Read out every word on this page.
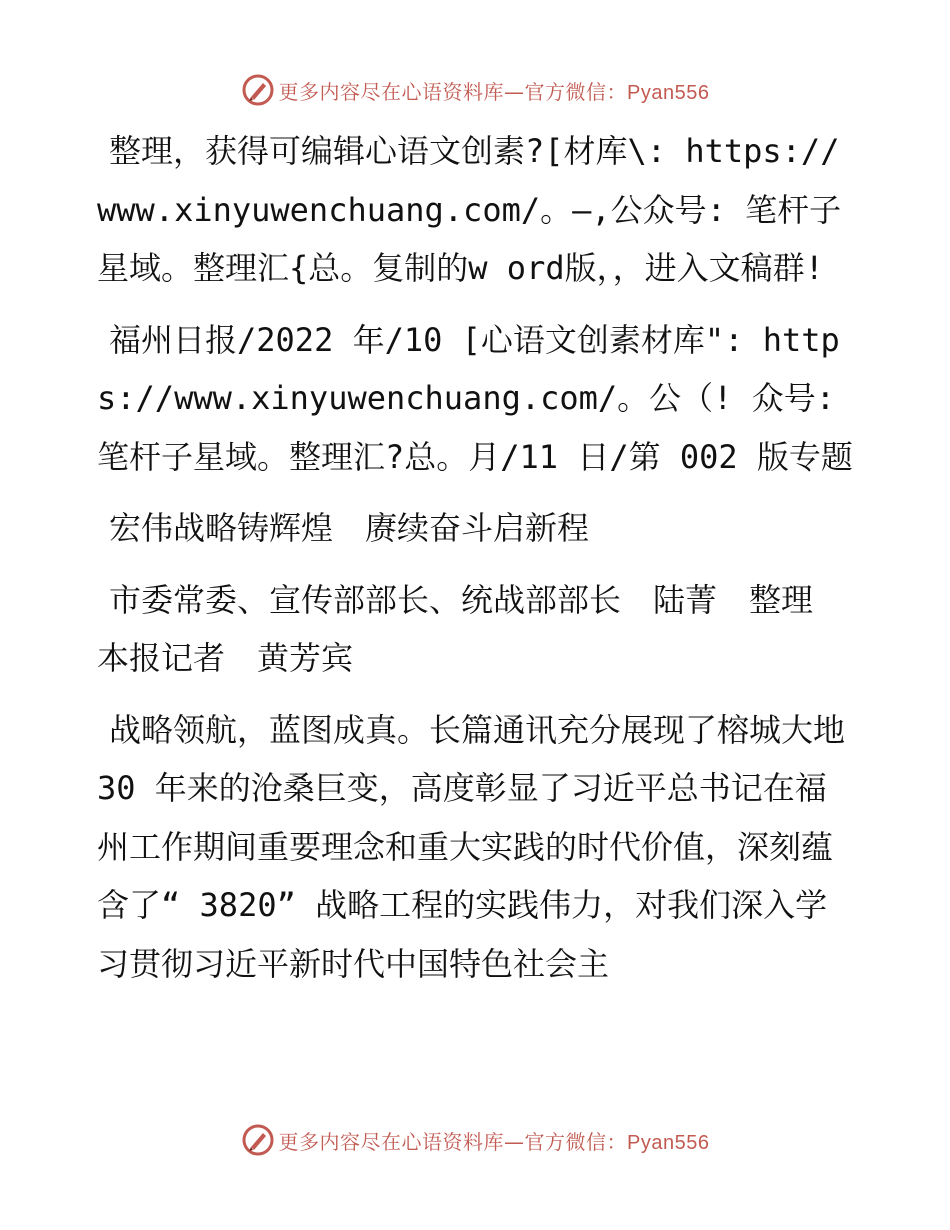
更多内容尽在心语资料库—官方微信：Pyan556

整理，获得可编辑心语文创素?[材库\: https://www.xinyuwenchuang.com/。—,公众号: 笔杆子星域。整理汇{总。复制的w ord版，，进入文稿群!

福州日报/2022 年/10 [心语文创素材库": https://www.xinyuwenchuang.com/。公（! 众号: 笔杆子星域。整理汇?总。月/11 日/第 002 版专题

宏伟战略铸辉煌　赓续奋斗启新程

市委常委、宣传部部长、统战部部长　陆菁　整理　本报记者　黄芳宾

战略领航，蓝图成真。长篇通讯充分展现了榕城大地 30 年来的沧桑巨变，高度彰显了习近平总书记在福州工作期间重要理念和重大实践的时代价值，深刻蕴含了“ 3820” 战略工程的实践伟力，对我们深入学习贯彻习近平新时代中国特色社会主

更多内容尽在心语资料库—官方微信：Pyan556
